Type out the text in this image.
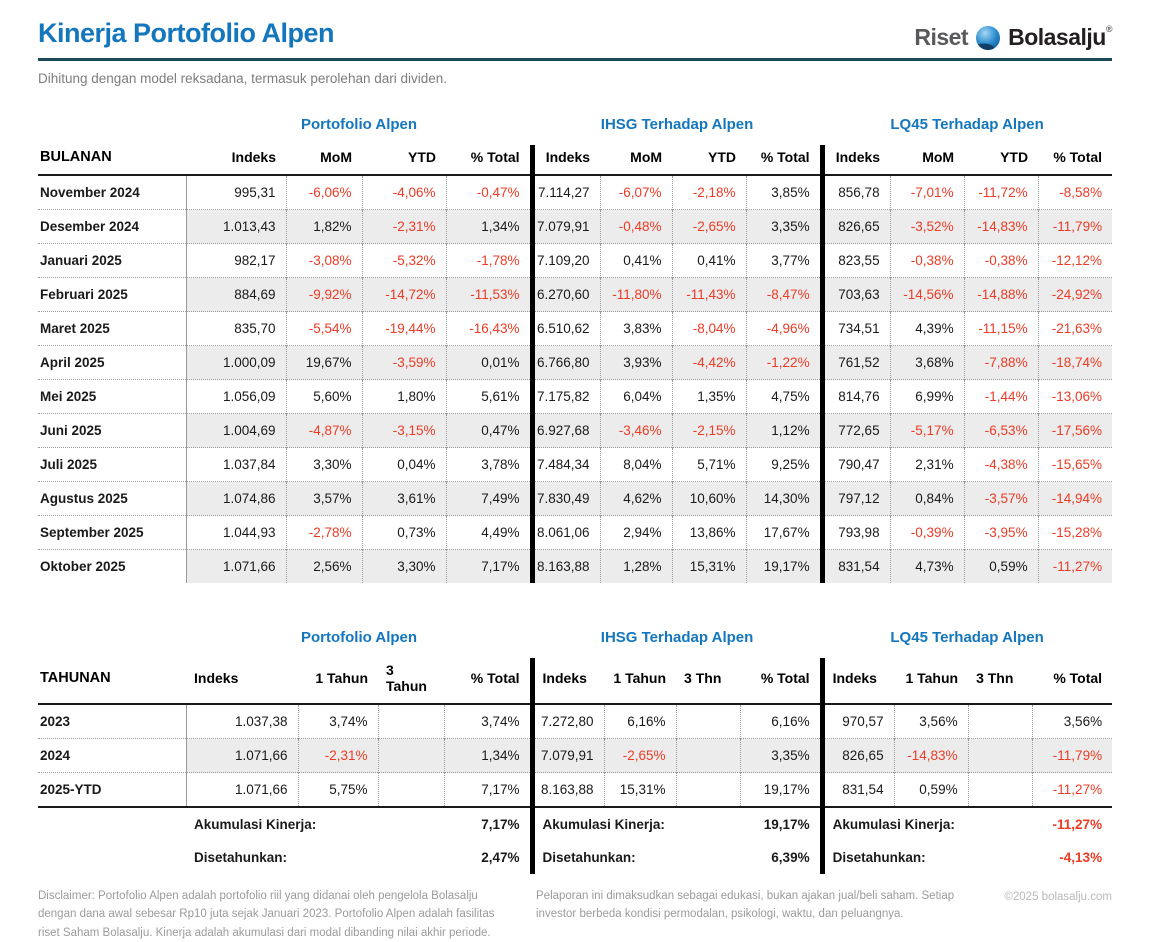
Kinerja Portofolio Alpen	Riset Bolasalju®

Dihitung dengan model reksadana, termasuk perolehan dari dividen.

	Portofolio Alpen				IHSG Terhadap Alpen				LQ45 Terhadap Alpen			
BULANAN	Indeks	MoM	YTD	% Total	Indeks	MoM	YTD	% Total	Indeks	MoM	YTD	% Total
November 2024	995,31	-6,06%	-4,06%	-0,47%	7.114,27	-6,07%	-2,18%	3,85%	856,78	-7,01%	-11,72%	-8,58%
Desember 2024	1.013,43	1,82%	-2,31%	1,34%	7.079,91	-0,48%	-2,65%	3,35%	826,65	-3,52%	-14,83%	-11,79%
Januari 2025	982,17	-3,08%	-5,32%	-1,78%	7.109,20	0,41%	0,41%	3,77%	823,55	-0,38%	-0,38%	-12,12%
Februari 2025	884,69	-9,92%	-14,72%	-11,53%	6.270,60	-11,80%	-11,43%	-8,47%	703,63	-14,56%	-14,88%	-24,92%
Maret 2025	835,70	-5,54%	-19,44%	-16,43%	6.510,62	3,83%	-8,04%	-4,96%	734,51	4,39%	-11,15%	-21,63%
April 2025	1.000,09	19,67%	-3,59%	0,01%	6.766,80	3,93%	-4,42%	-1,22%	761,52	3,68%	-7,88%	-18,74%
Mei 2025	1.056,09	5,60%	1,80%	5,61%	7.175,82	6,04%	1,35%	4,75%	814,76	6,99%	-1,44%	-13,06%
Juni 2025	1.004,69	-4,87%	-3,15%	0,47%	6.927,68	-3,46%	-2,15%	1,12%	772,65	-5,17%	-6,53%	-17,56%
Juli 2025	1.037,84	3,30%	0,04%	3,78%	7.484,34	8,04%	5,71%	9,25%	790,47	2,31%	-4,38%	-15,65%
Agustus 2025	1.074,86	3,57%	3,61%	7,49%	7.830,49	4,62%	10,60%	14,30%	797,12	0,84%	-3,57%	-14,94%
September 2025	1.044,93	-2,78%	0,73%	4,49%	8.061,06	2,94%	13,86%	17,67%	793,98	-0,39%	-3,95%	-15,28%
Oktober 2025	1.071,66	2,56%	3,30%	7,17%	8.163,88	1,28%	15,31%	19,17%	831,54	4,73%	0,59%	-11,27%
	Portofolio Alpen				IHSG Terhadap Alpen				LQ45 Terhadap Alpen			
TAHUNAN	Indeks	1 Tahun	3 Tahun	% Total	Indeks	1 Tahun	3 Thn	% Total	Indeks	1 Tahun	3 Thn	% Total
2023	1.037,38	3,74%		3,74%	7.272,80	6,16%		6,16%	970,57	3,56%		3,56%
2024	1.071,66	-2,31%		1,34%	7.079,91	-2,65%		3,35%	826,65	-14,83%		-11,79%
2025-YTD	1.071,66	5,75%		7,17%	8.163,88	15,31%		19,17%	831,54	0,59%		-11,27%
	Akumulasi Kinerja:			7,17%	Akumulasi Kinerja:			19,17%	Akumulasi Kinerja:			-11,27%
	Disetahunkan:			2,47%	Disetahunkan:			6,39%	Disetahunkan:			-4,13%
Disclaimer: Portofolio Alpen adalah portofolio riil yang didanai oleh pengelola Bolasalju dengan dana awal sebesar Rp10 juta sejak Januari 2023. Portofolio Alpen adalah fasilitas riset Saham Bolasalju. Kinerja adalah akumulasi dari modal dibanding nilai akhir periode.
Pelaporan ini dimaksudkan sebagai edukasi, bukan ajakan jual/beli saham. Setiap investor berbeda kondisi permodalan, psikologi, waktu, dan peluangnya.
©2025 bolasalju.com
